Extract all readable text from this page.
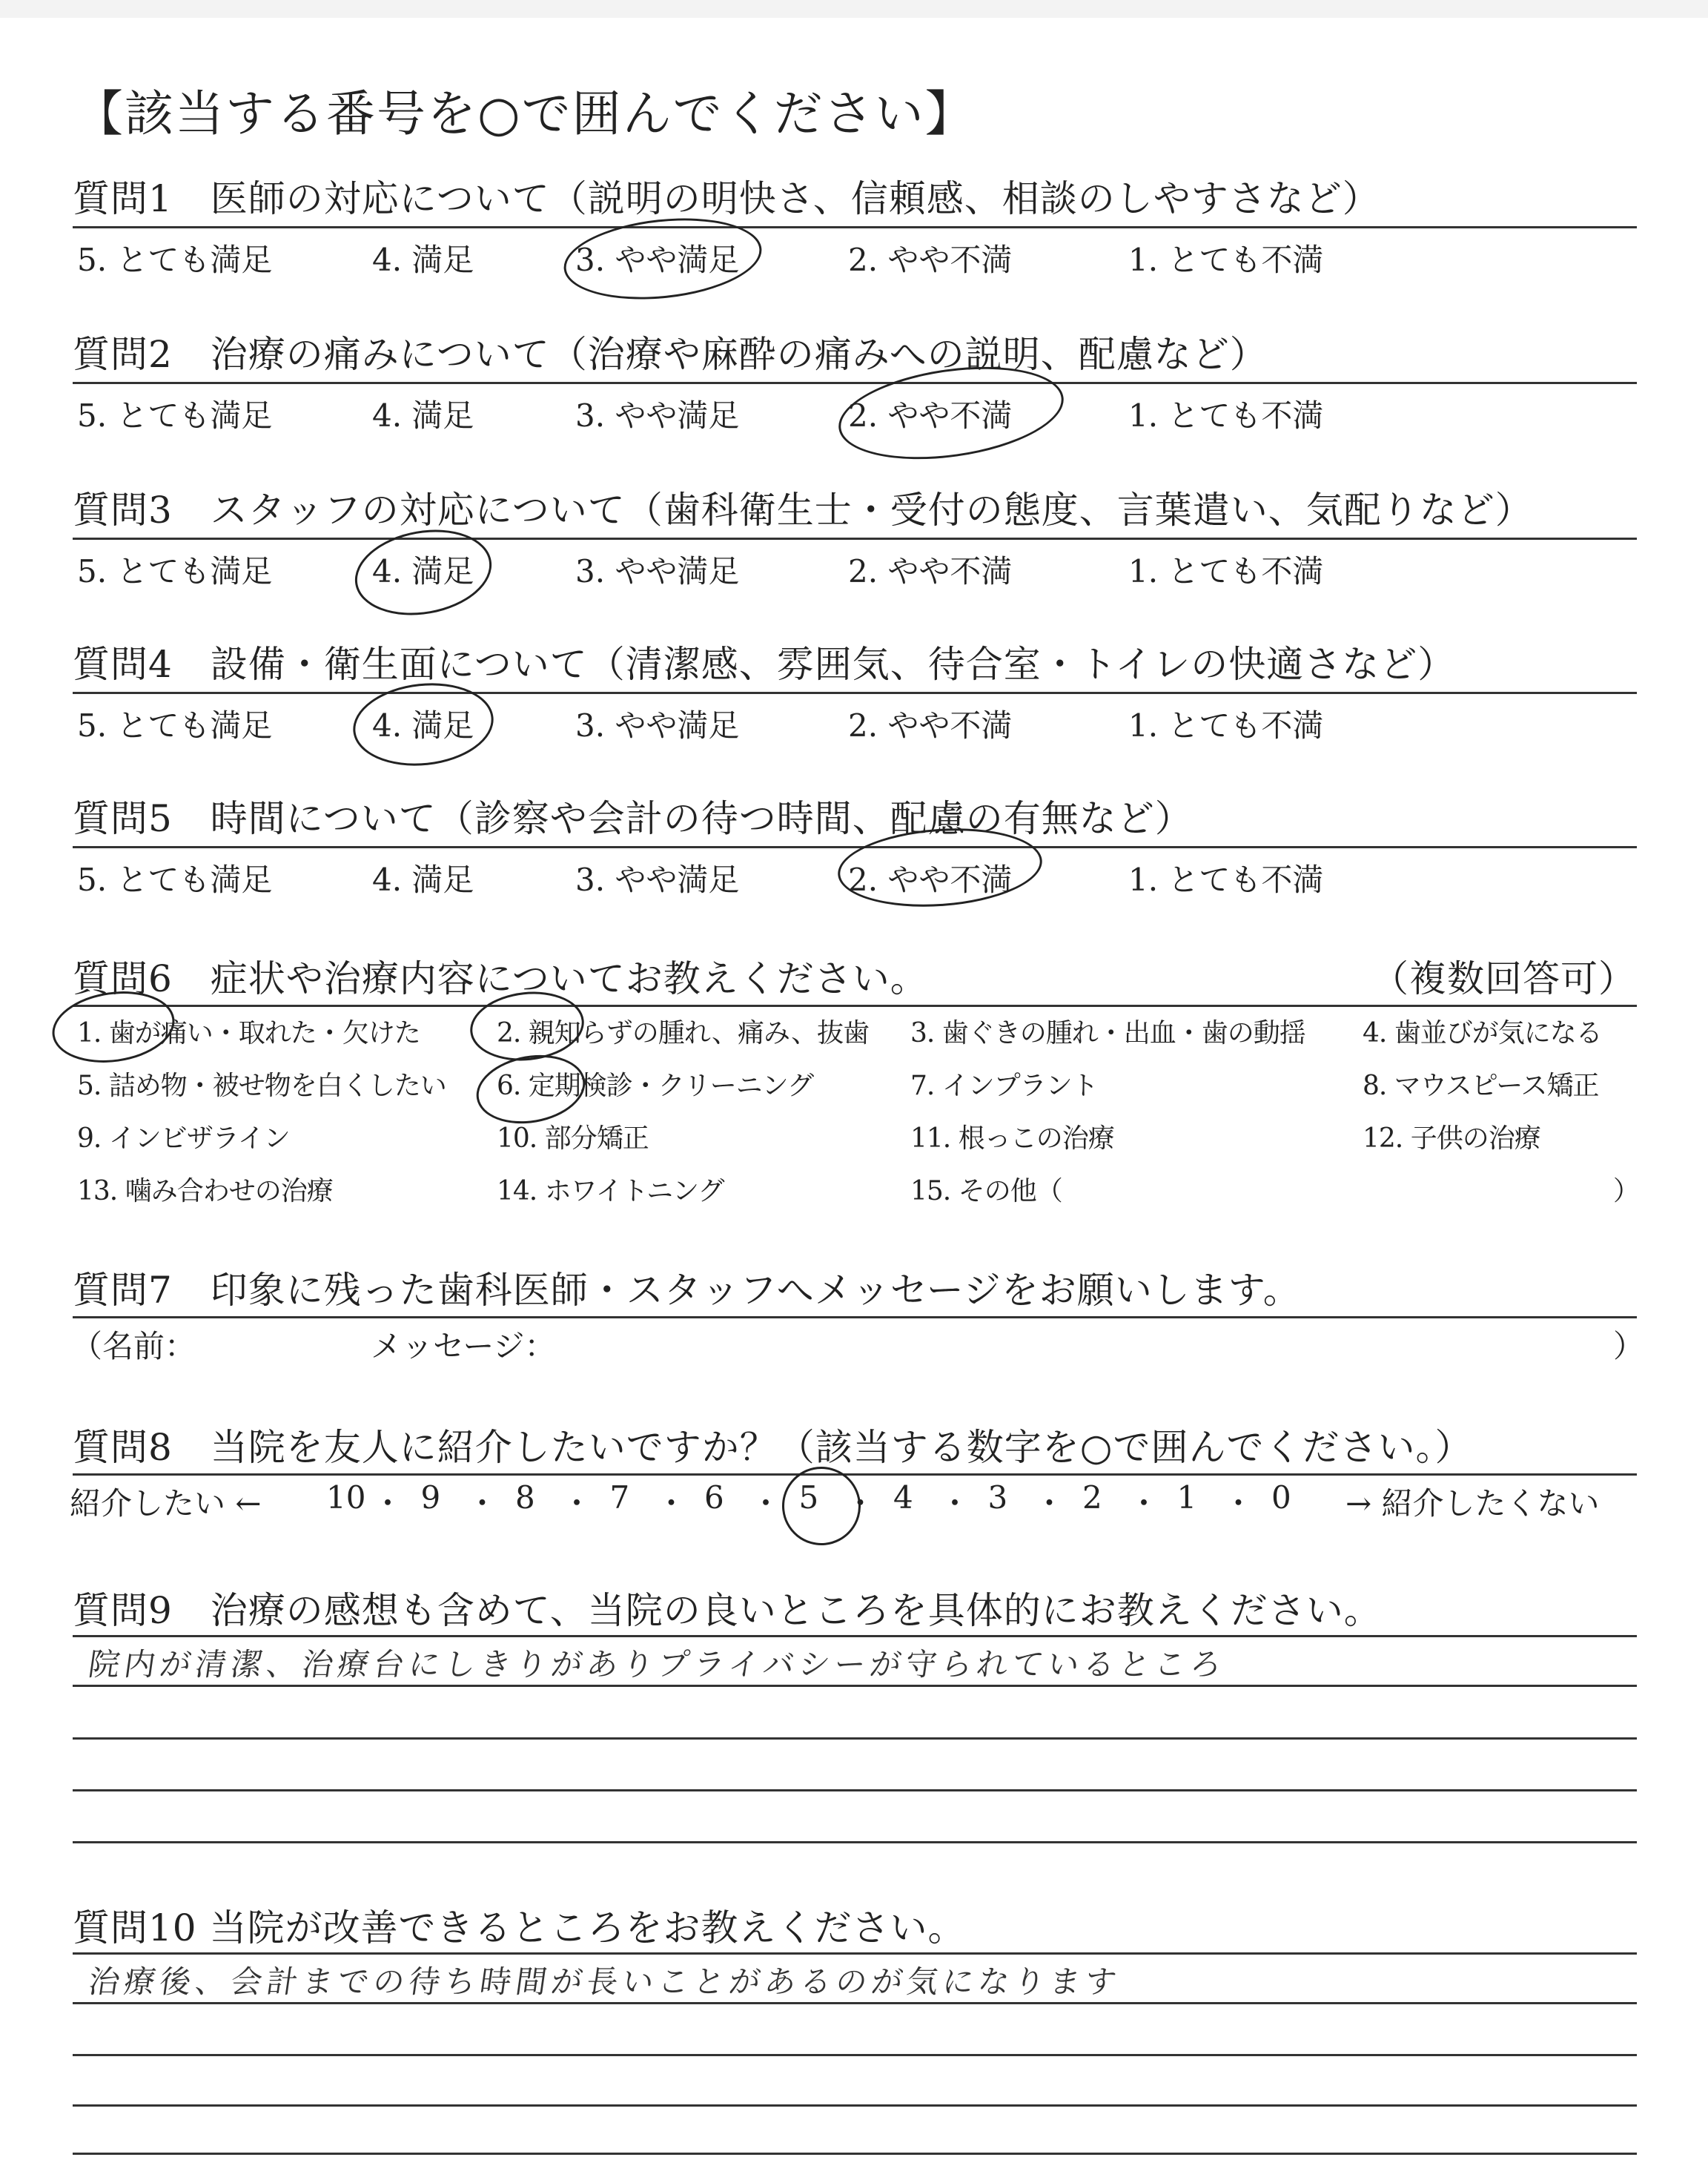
【該当する番号を○で囲んでください】
質問1　医師の対応について（説明の明快さ、信頼感、相談のしやすさなど）
5. とても満足	4. 満足	3. やや満足	2. やや不満	1. とても不満
質問2　治療の痛みについて（治療や麻酔の痛みへの説明、配慮など）
5. とても満足	4. 満足	3. やや満足	2. やや不満	1. とても不満
質問3　スタッフの対応について（歯科衛生士・受付の態度、言葉遣い、気配りなど）
5. とても満足	4. 満足	3. やや満足	2. やや不満	1. とても不満
質問4　設備・衛生面について（清潔感、雰囲気、待合室・トイレの快適さなど）
5. とても満足	4. 満足	3. やや満足	2. やや不満	1. とても不満
質問5　時間について（診察や会計の待つ時間、配慮の有無など）
5. とても満足	4. 満足	3. やや満足	2. やや不満	1. とても不満
質問6　症状や治療内容についてお教えください。	（複数回答可）
1. 歯が痛い・取れた・欠けた	2. 親知らずの腫れ、痛み、抜歯 3. 歯ぐきの腫れ・出血・歯の動揺 4. 歯並びが気になる
5. 詰め物・被せ物を白くしたい 6. 定期検診・クリーニング	7. インプラント	8. マウスピース矯正
9. インビザライン	10. 部分矯正	11. 根っこの治療	12. 子供の治療
13. 噛み合わせの治療	14. ホワイトニング	15. その他（	）
質問7　印象に残った歯科医師・スタッフへメッセージをお願いします。
（名前：	メッセージ：	）
質問8　当院を友人に紹介したいですか？（該当する数字を○で囲んでください。）
紹介したい ←	→ 紹介したくない
10 ・ 9 ・ 8 ・ 7 ・ 6 ・ 5 ・ 4 ・ 3 ・ 2 ・ 1 ・ 0
質問9　治療の感想も含めて、当院の良いところを具体的にお教えください。
院内が清潔、治療台にしきりがありプライバシーが守られているところ
質問10 当院が改善できるところをお教えください。
治療後、会計までの待ち時間が長いことがあるのが気になります
